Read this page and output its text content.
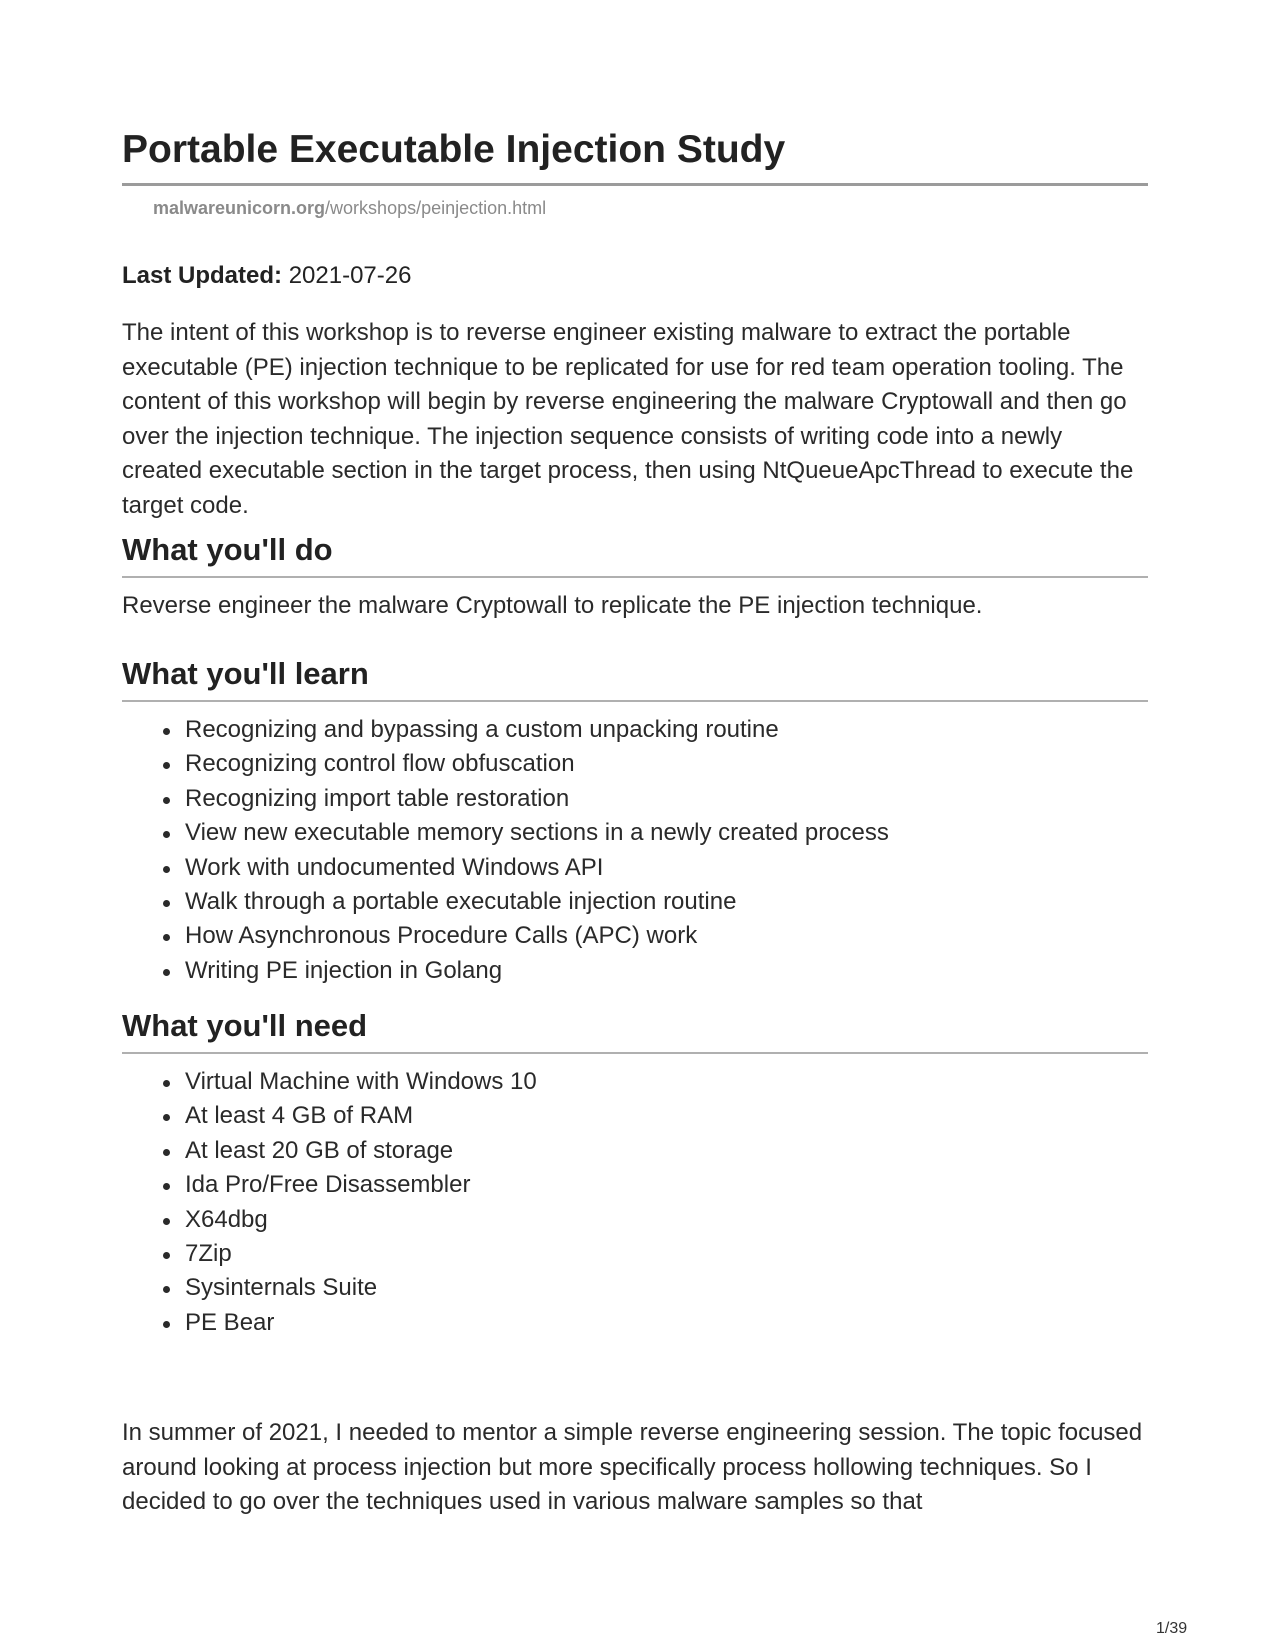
Portable Executable Injection Study
malwareunicorn.org/workshops/peinjection.html
Last Updated: 2021-07-26

The intent of this workshop is to reverse engineer existing malware to extract the portable executable (PE) injection technique to be replicated for use for red team operation tooling. The content of this workshop will begin by reverse engineering the malware Cryptowall and then go over the injection technique. The injection sequence consists of writing code into a newly created executable section in the target process, then using NtQueueApcThread to execute the target code.

What you'll do

Reverse engineer the malware Cryptowall to replicate the PE injection technique.

What you'll learn
Recognizing and bypassing a custom unpacking routine
Recognizing control flow obfuscation
Recognizing import table restoration
View new executable memory sections in a newly created process
Work with undocumented Windows API
Walk through a portable executable injection routine
How Asynchronous Procedure Calls (APC) work
Writing PE injection in Golang
What you'll need
Virtual Machine with Windows 10
At least 4 GB of RAM
At least 20 GB of storage
Ida Pro/Free Disassembler
X64dbg
7Zip
Sysinternals Suite
PE Bear

In summer of 2021, I needed to mentor a simple reverse engineering session. The topic focused around looking at process injection but more specifically process hollowing techniques. So I decided to go over the techniques used in various malware samples so that

1/39
